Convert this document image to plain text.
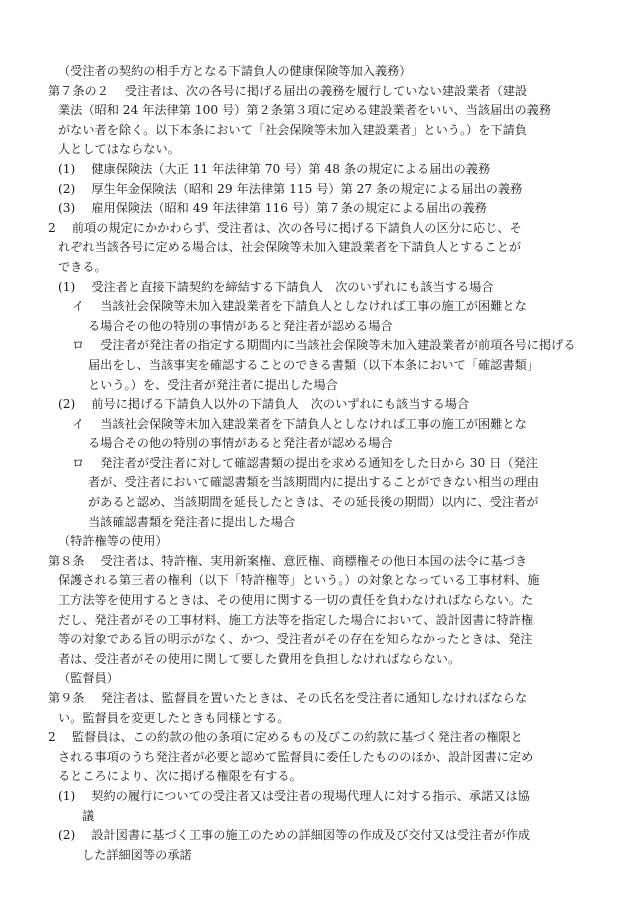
（受注者の契約の相手方となる下請負人の健康保険等加入義務）
第７条の２　 受注者は、次の各号に掲げる届出の義務を履行していない建設業者（建設
業法（昭和 24 年法律第 100 号）第２条第３項に定める建設業者をいい、当該届出の義務
がない者を除く。以下本条において「社会保険等未加入建設業者」という。）を下請負
人としてはならない。
(1)　 健康保険法（大正 11 年法律第 70 号）第 48 条の規定による届出の義務
(2)　 厚生年金保険法（昭和 29 年法律第 115 号）第 27 条の規定による届出の義務
(3)　 雇用保険法（昭和 49 年法律第 116 号）第７条の規定による届出の義務
2　 前項の規定にかかわらず、受注者は、次の各号に掲げる下請負人の区分に応じ、そ
れぞれ当該各号に定める場合は、社会保険等未加入建設業者を下請負人とすることが
できる。
(1)　 受注者と直接下請契約を締結する下請負人　次のいずれにも該当する場合
イ　 当該社会保険等未加入建設業者を下請負人としなければ工事の施工が困難とな
る場合その他の特別の事情があると発注者が認める場合
ロ　 受注者が発注者の指定する期間内に当該社会保険等未加入建設業者が前項各号に掲げる
届出をし、当該事実を確認することのできる書類（以下本条において「確認書類」
という。）を、受注者が発注者に提出した場合
(2)　 前号に掲げる下請負人以外の下請負人　次のいずれにも該当する場合
イ　 当該社会保険等未加入建設業者を下請負人としなければ工事の施工が困難とな
る場合その他の特別の事情があると発注者が認める場合
ロ　 発注者が受注者に対して確認書類の提出を求める通知をした日から 30 日（発注
者が、受注者において確認書類を当該期間内に提出することができない相当の理由
があると認め、当該期間を延長したときは、その延長後の期間）以内に、受注者が
当該確認書類を発注者に提出した場合
（特許権等の使用）
第８条　 受注者は、特許権、実用新案権、意匠権、商標権その他日本国の法令に基づき
保護される第三者の権利（以下「特許権等」という。）の対象となっている工事材料、施
工方法等を使用するときは、その使用に関する一切の責任を負わなければならない。た
だし、発注者がその工事材料、施工方法等を指定した場合において、設計図書に特許権
等の対象である旨の明示がなく、かつ、受注者がその存在を知らなかったときは、発注
者は、受注者がその使用に関して要した費用を負担しなければならない。
（監督員）
第９条　 発注者は、監督員を置いたときは、その氏名を受注者に通知しなければならな
い。監督員を変更したときも同様とする。
2　 監督員は、この約款の他の条項に定めるもの及びこの約款に基づく発注者の権限と
される事項のうち発注者が必要と認めて監督員に委任したもののほか、設計図書に定め
るところにより、次に掲げる権限を有する。
(1)　 契約の履行についての受注者又は受注者の現場代理人に対する指示、承諾又は協
議
(2)　 設計図書に基づく工事の施工のための詳細図等の作成及び交付又は受注者が作成
した詳細図等の承諾
